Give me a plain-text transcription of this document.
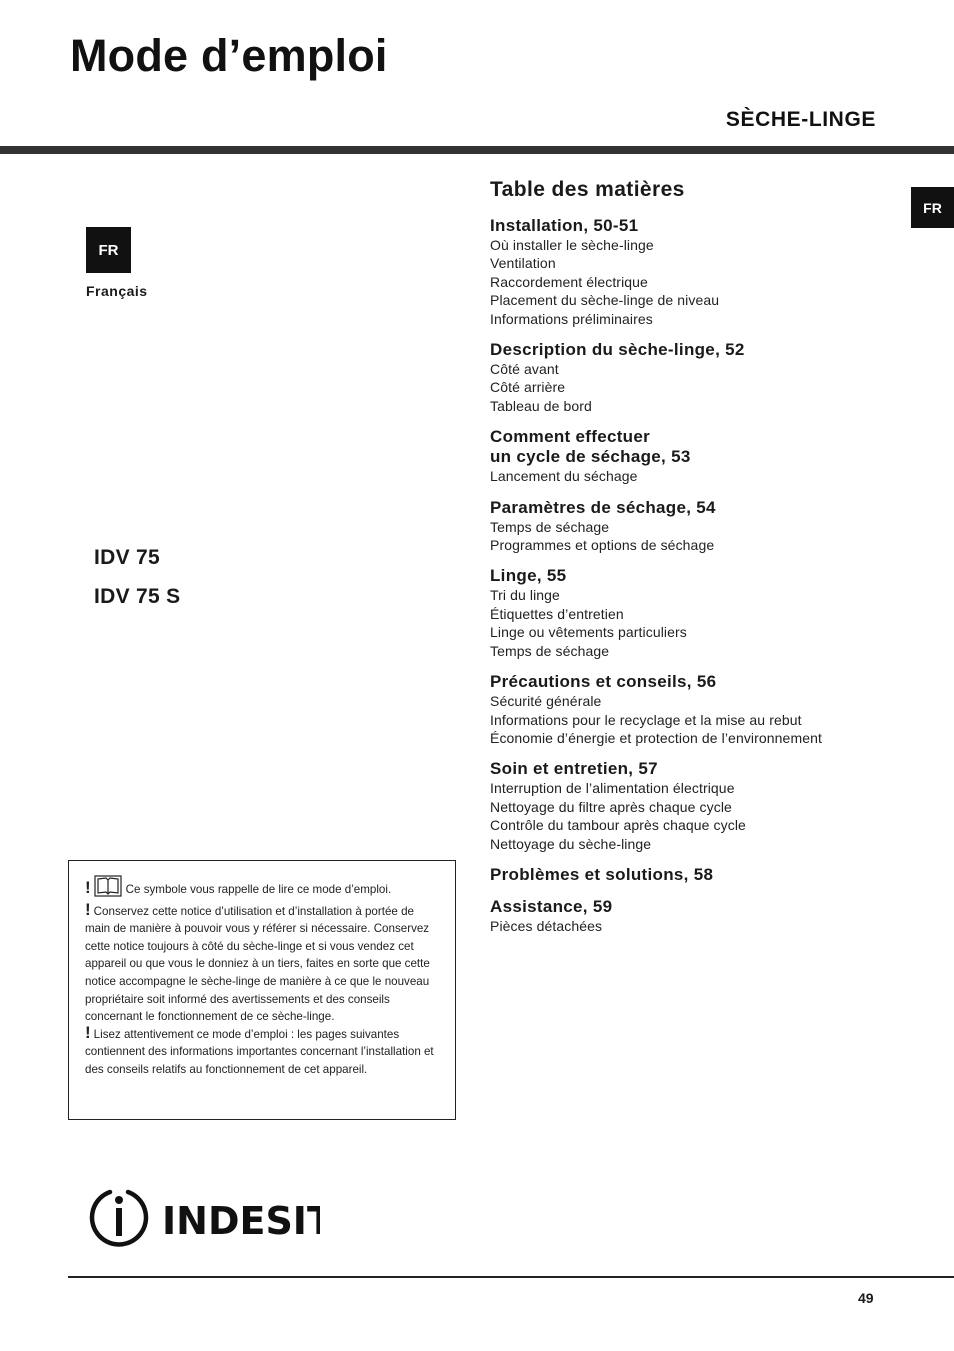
Mode d’emploi
SÈCHE-LINGE
FR
Français
FR
IDV 75
IDV 75 S
Table des matières
Installation, 50-51
Où installer le sèche-linge
Ventilation
Raccordement électrique
Placement du sèche-linge de niveau
Informations préliminaires
Description du sèche-linge, 52
Côté avant
Côté arrière
Tableau de bord
Comment effectuer
un cycle de séchage, 53
Lancement du séchage
Paramètres de séchage, 54
Temps de séchage
Programmes et options de séchage
Linge, 55
Tri du linge
Étiquettes d’entretien
Linge ou vêtements particuliers
Temps de séchage
Précautions et conseils, 56
Sécurité générale
Informations pour le recyclage et la mise au rebut
Économie d’énergie et protection de l’environnement
Soin et entretien, 57
Interruption de l’alimentation électrique
Nettoyage du filtre après chaque cycle
Contrôle du tambour après chaque cycle
Nettoyage du sèche-linge
Problèmes et solutions, 58
Assistance, 59
Pièces détachées

!	Ce symbole vous rappelle de lire ce mode d’emploi.

! Conservez cette notice d’utilisation et d’installation à portée de main de manière à pouvoir vous y référer si nécessaire. Conservez cette notice toujours à côté du sèche-linge et si vous vendez cet appareil ou que vous le donniez à un tiers, faites en sorte que cette notice accompagne le sèche-linge de manière à ce que le nouveau propriétaire soit informé des avertissements et des conseils concernant le fonctionnement de ce sèche-linge.

! Lisez attentivement ce mode d’emploi : les pages suivantes contiennent des informations importantes concernant l’installation et des conseils relatifs au fonctionnement de cet appareil.

INDESIT
49
